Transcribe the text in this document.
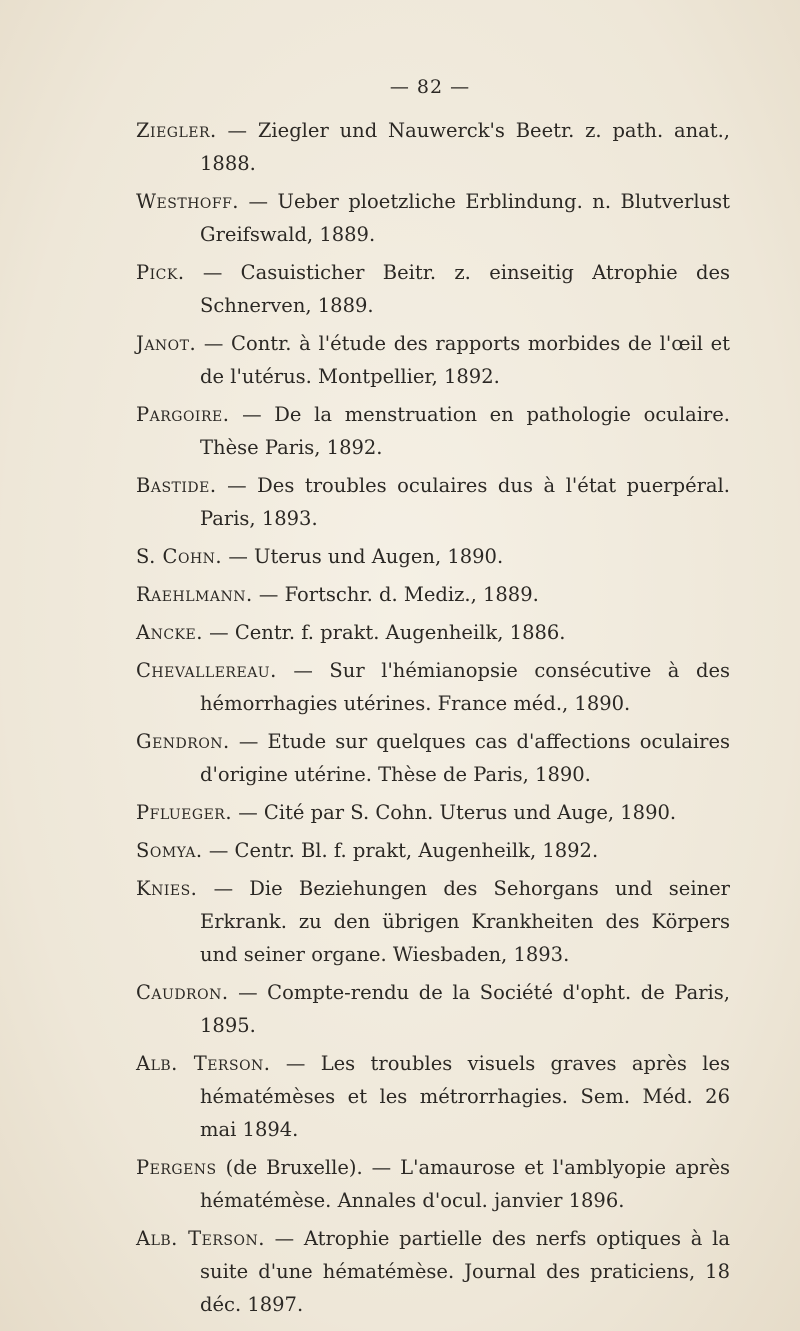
— 82 —

Ziegler. — Ziegler und Nauwerck's Beetr. z. path. anat., 1888.

Westhoff. — Ueber ploetzliche Erblindung. n. Blutverlust Greifswald, 1889.

Pick. — Casuisticher Beitr. z. einseitig Atrophie des Schnerven, 1889.

Janot. — Contr. à l'étude des rapports morbides de l'œil et de l'utérus. Montpellier, 1892.

Pargoire. — De la menstruation en pathologie oculaire. Thèse Paris, 1892.

Bastide. — Des troubles oculaires dus à l'état puerpéral. Paris, 1893.

S. Cohn. — Uterus und Augen, 1890.

Raehlmann. — Fortschr. d. Mediz., 1889.

Ancke. — Centr. f. prakt. Augenheilk, 1886.

Chevallereau. — Sur l'hémianopsie consécutive à des hémorrhagies utérines. France méd., 1890.

Gendron. — Etude sur quelques cas d'affections oculaires d'origine utérine. Thèse de Paris, 1890.

Pflueger. — Cité par S. Cohn. Uterus und Auge, 1890.

Somya. — Centr. Bl. f. prakt, Augenheilk, 1892.

Knies. — Die Beziehungen des Sehorgans und seiner Erkrank. zu den übrigen Krankheiten des Körpers und seiner organe. Wiesbaden, 1893.

Caudron. — Compte-rendu de la Société d'opht. de Paris, 1895.

Alb. Terson. — Les troubles visuels graves après les hématémèses et les métrorrhagies. Sem. Méd. 26 mai 1894.

Pergens (de Bruxelle). — L'amaurose et l'amblyopie après hématémèse. Annales d'ocul. janvier 1896.

Alb. Terson. — Atrophie partielle des nerfs optiques à la suite d'une hématémèse. Journal des praticiens, 18 déc. 1897.
